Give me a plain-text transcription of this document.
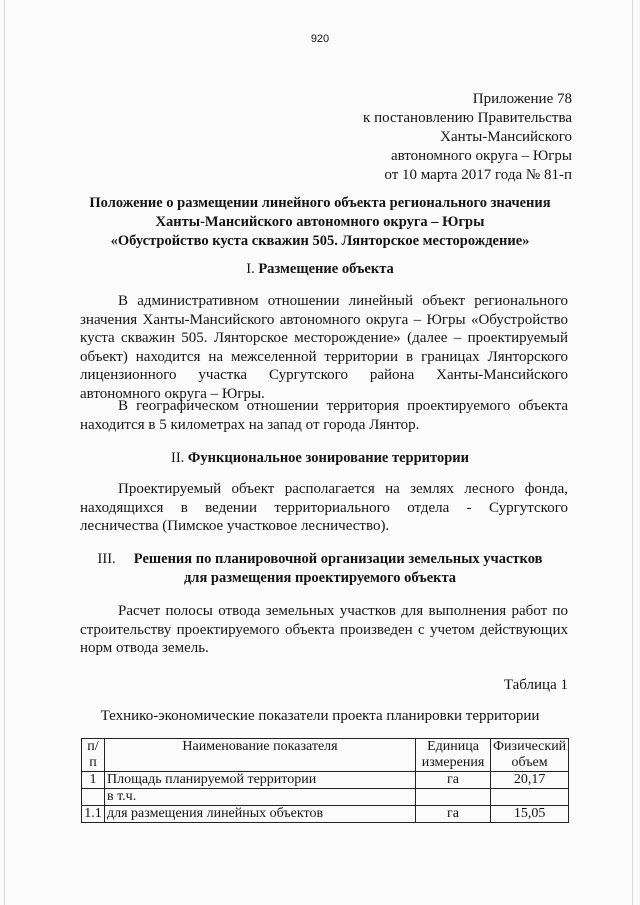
920
Приложение 78
к постановлению Правительства
Ханты-Мансийского
автономного округа – Югры
от 10 марта 2017 года № 81-п
Положение о размещении линейного объекта регионального значения
Ханты-Мансийского автономного округа – Югры
«Обустройство куста скважин 505. Лянторское месторождение»
I. Размещение объекта
В административном отношении линейный объект регионального значения Ханты-Мансийского автономного округа – Югры «Обустройство куста скважин 505. Лянторское месторождение» (далее – проектируемый объект) находится на межселенной территории в границах Лянторского лицензионного участка Сургутского района Ханты-Мансийского автономного округа – Югры.
В географическом отношении территория проектируемого объекта находится в 5 километрах на запад от города Лянтор.
II. Функциональное зонирование территории
Проектируемый объект располагается на землях лесного фонда, находящихся в ведении территориального отдела - Сургутского лесничества (Пимское участковое лесничество).
III. Решения по планировочной организации земельных участков
для размещения проектируемого объекта
Расчет полосы отвода земельных участков для выполнения работ по строительству проектируемого объекта произведен с учетом действующих норм отвода земель.
Таблица 1
Технико-экономические показатели проекта планировки территории
п/п	Наименование показателя	Единица измерения	Физический объем
1	Площадь планируемой территории	га	20,17
	в т.ч.		
1.1	для размещения линейных объектов	га	15,05
